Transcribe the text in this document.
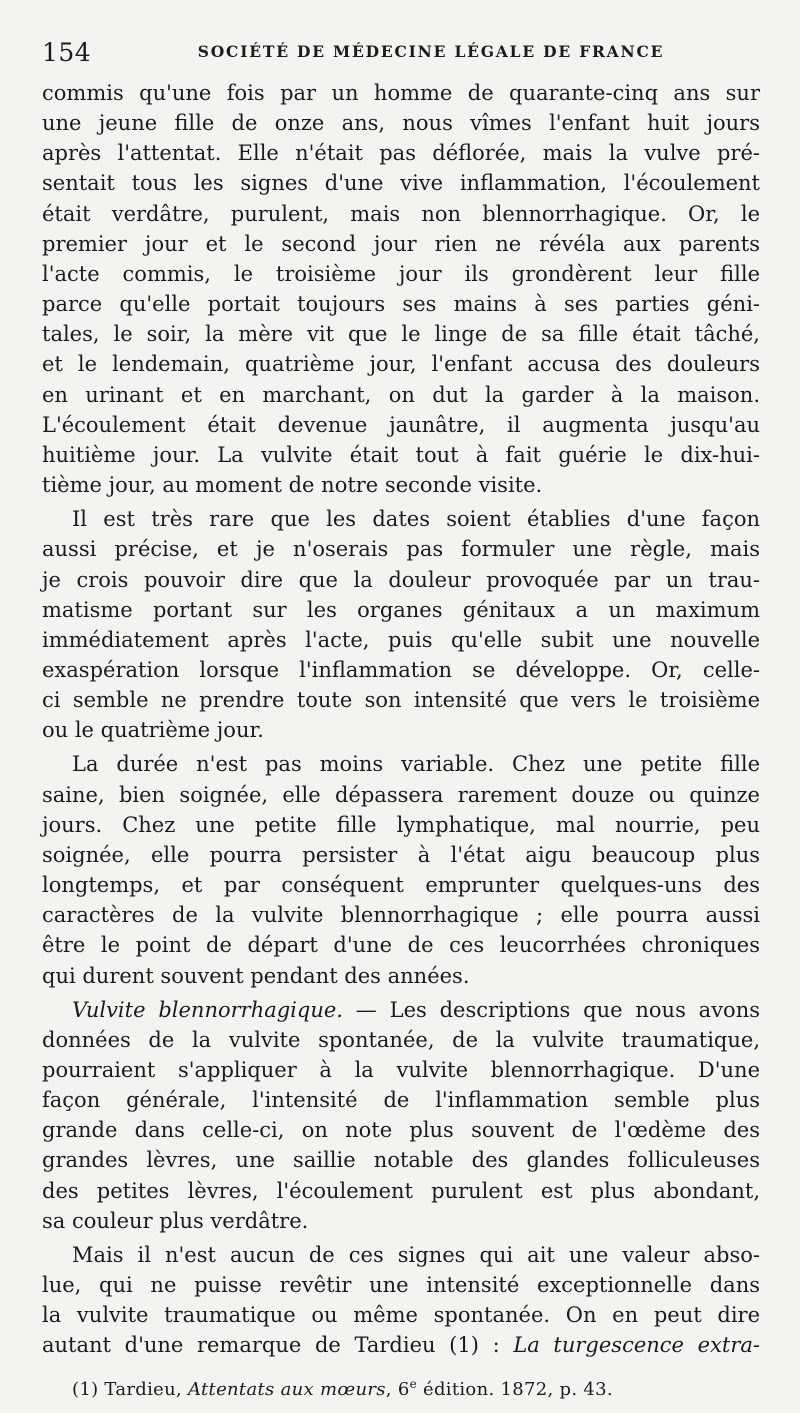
154	SOCIÉTÉ DE MÉDECINE LÉGALE DE FRANCE
commis qu'une fois par un homme de quarante-cinq ans sur
une jeune fille de onze ans, nous vîmes l'enfant huit jours
après l'attentat. Elle n'était pas déflorée, mais la vulve pré-
sentait tous les signes d'une vive inflammation, l'écoulement
était verdâtre, purulent, mais non blennorrhagique. Or, le
premier jour et le second jour rien ne révéla aux parents
l'acte commis, le troisième jour ils grondèrent leur fille
parce qu'elle portait toujours ses mains à ses parties géni-
tales, le soir, la mère vit que le linge de sa fille était tâché,
et le lendemain, quatrième jour, l'enfant accusa des douleurs
en urinant et en marchant, on dut la garder à la maison.
L'écoulement était devenue jaunâtre, il augmenta jusqu'au
huitième jour. La vulvite était tout à fait guérie le dix-hui-
tième jour, au moment de notre seconde visite.
Il est très rare que les dates soient établies d'une façon
aussi précise, et je n'oserais pas formuler une règle, mais
je crois pouvoir dire que la douleur provoquée par un trau-
matisme portant sur les organes génitaux a un maximum
immédiatement après l'acte, puis qu'elle subit une nouvelle
exaspération lorsque l'inflammation se développe. Or, celle-
ci semble ne prendre toute son intensité que vers le troisième
ou le quatrième jour.
La durée n'est pas moins variable. Chez une petite fille
saine, bien soignée, elle dépassera rarement douze ou quinze
jours. Chez une petite fille lymphatique, mal nourrie, peu
soignée, elle pourra persister à l'état aigu beaucoup plus
longtemps, et par conséquent emprunter quelques-uns des
caractères de la vulvite blennorrhagique ; elle pourra aussi
être le point de départ d'une de ces leucorrhées chroniques
qui durent souvent pendant des années.
Vulvite blennorrhagique. — Les descriptions que nous avons
données de la vulvite spontanée, de la vulvite traumatique,
pourraient s'appliquer à la vulvite blennorrhagique. D'une
façon générale, l'intensité de l'inflammation semble plus
grande dans celle-ci, on note plus souvent de l'œdème des
grandes lèvres, une saillie notable des glandes folliculeuses
des petites lèvres, l'écoulement purulent est plus abondant,
sa couleur plus verdâtre.
Mais il n'est aucun de ces signes qui ait une valeur abso-
lue, qui ne puisse revêtir une intensité exceptionnelle dans
la vulvite traumatique ou même spontanée. On en peut dire
autant d'une remarque de Tardieu (1) : La turgescence extra-
(1) Tardieu, Attentats aux mœurs, 6e édition. 1872, p. 43.
